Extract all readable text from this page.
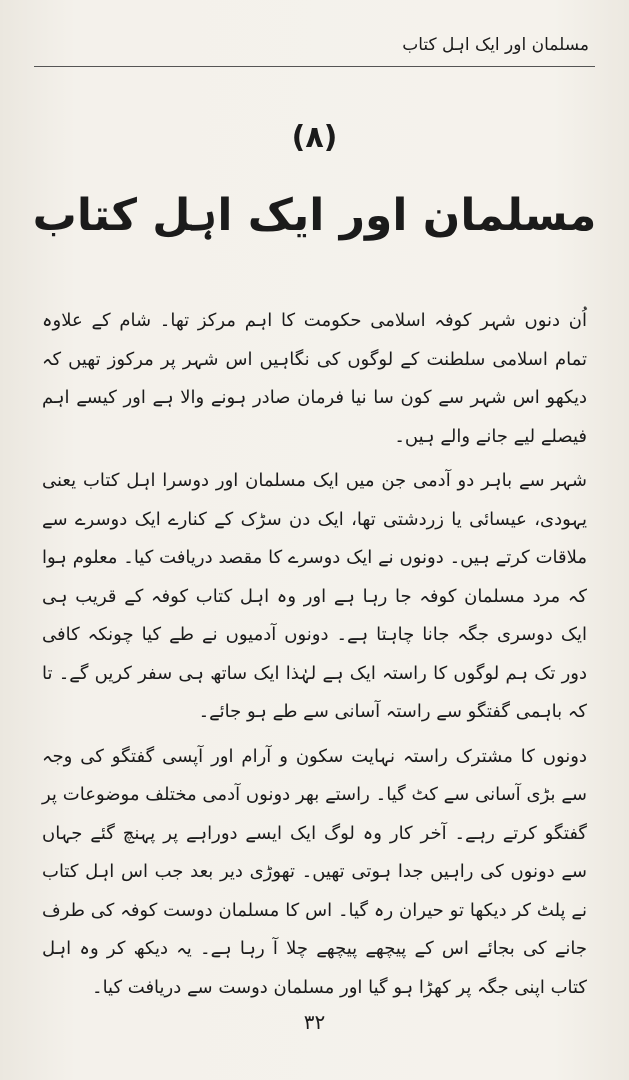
مسلمان اور ایک اہل کتاب
(۸)
مسلمان اور ایک اہل کتاب

اُن دنوں شہر کوفہ اسلامی حکومت کا اہم مرکز تھا۔ شام کے علاوہ تمام اسلامی سلطنت کے لوگوں کی نگاہیں اس شہر پر مرکوز تھیں کہ دیکھو اس شہر سے کون سا نیا فرمان صادر ہونے والا ہے اور کیسے اہم فیصلے لیے جانے والے ہیں۔

شہر سے باہر دو آدمی جن میں ایک مسلمان اور دوسرا اہل کتاب یعنی یہودی، عیسائی یا زردشتی تھا، ایک دن سڑک کے کنارے ایک دوسرے سے ملاقات کرتے ہیں۔ دونوں نے ایک دوسرے کا مقصد دریافت کیا۔ معلوم ہوا کہ مرد مسلمان کوفہ جا رہا ہے اور وہ اہل کتاب کوفہ کے قریب ہی ایک دوسری جگہ جانا چاہتا ہے۔ دونوں آدمیوں نے طے کیا چونکہ کافی دور تک ہم لوگوں کا راستہ ایک ہے لہٰذا ایک ساتھ ہی سفر کریں گے۔ تا کہ باہمی گفتگو سے راستہ آسانی سے طے ہو جائے۔

دونوں کا مشترک راستہ نہایت سکون و آرام اور آپسی گفتگو کی وجہ سے بڑی آسانی سے کٹ گیا۔ راستے بھر دونوں آدمی مختلف موضوعات پر گفتگو کرتے رہے۔ آخر کار وہ لوگ ایک ایسے دوراہے پر پہنچ گئے جہاں سے دونوں کی راہیں جدا ہوتی تھیں۔ تھوڑی دیر بعد جب اس اہل کتاب نے پلٹ کر دیکھا تو حیران رہ گیا۔ اس کا مسلمان دوست کوفہ کی طرف جانے کی بجائے اس کے پیچھے پیچھے چلا آ رہا ہے۔ یہ دیکھ کر وہ اہل کتاب اپنی جگہ پر کھڑا ہو گیا اور مسلمان دوست سے دریافت کیا۔

۳۲
